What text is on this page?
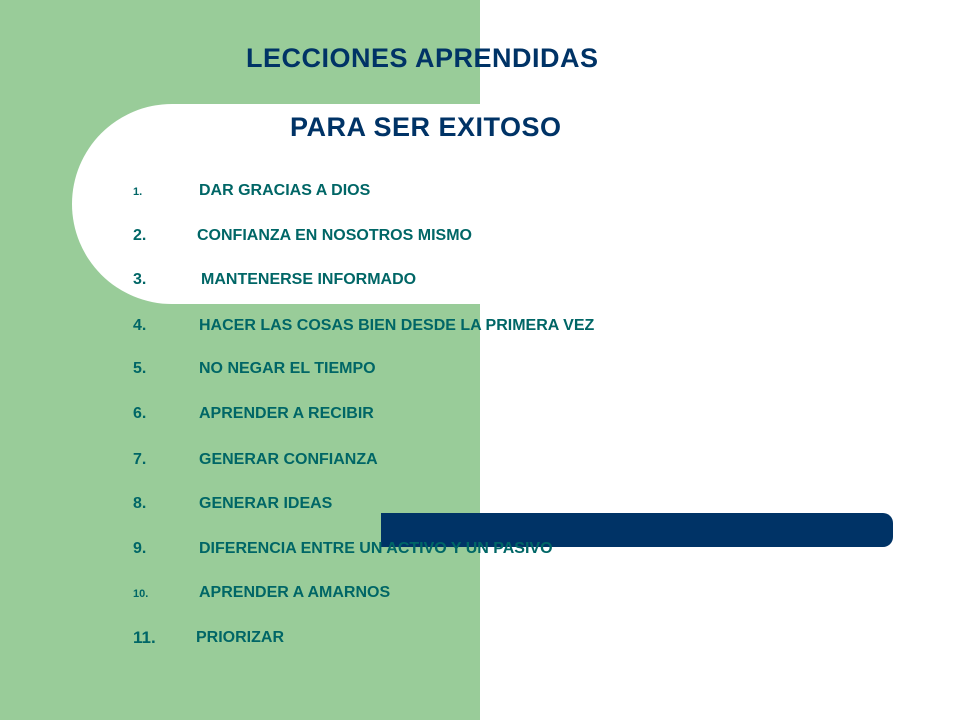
LECCIONES APRENDIDAS
PARA SER EXITOSO
1.	DAR GRACIAS A DIOS
2.	CONFIANZA EN NOSOTROS MISMO
3.	MANTENERSE INFORMADO
4.	HACER LAS COSAS BIEN DESDE LA PRIMERA VEZ
5.	NO NEGAR EL TIEMPO
6.	APRENDER A RECIBIR
7.	GENERAR CONFIANZA
8.	GENERAR IDEAS
9.	DIFERENCIA ENTRE UN ACTIVO Y UN PASIVO
10.	APRENDER A AMARNOS
11.	PRIORIZAR
